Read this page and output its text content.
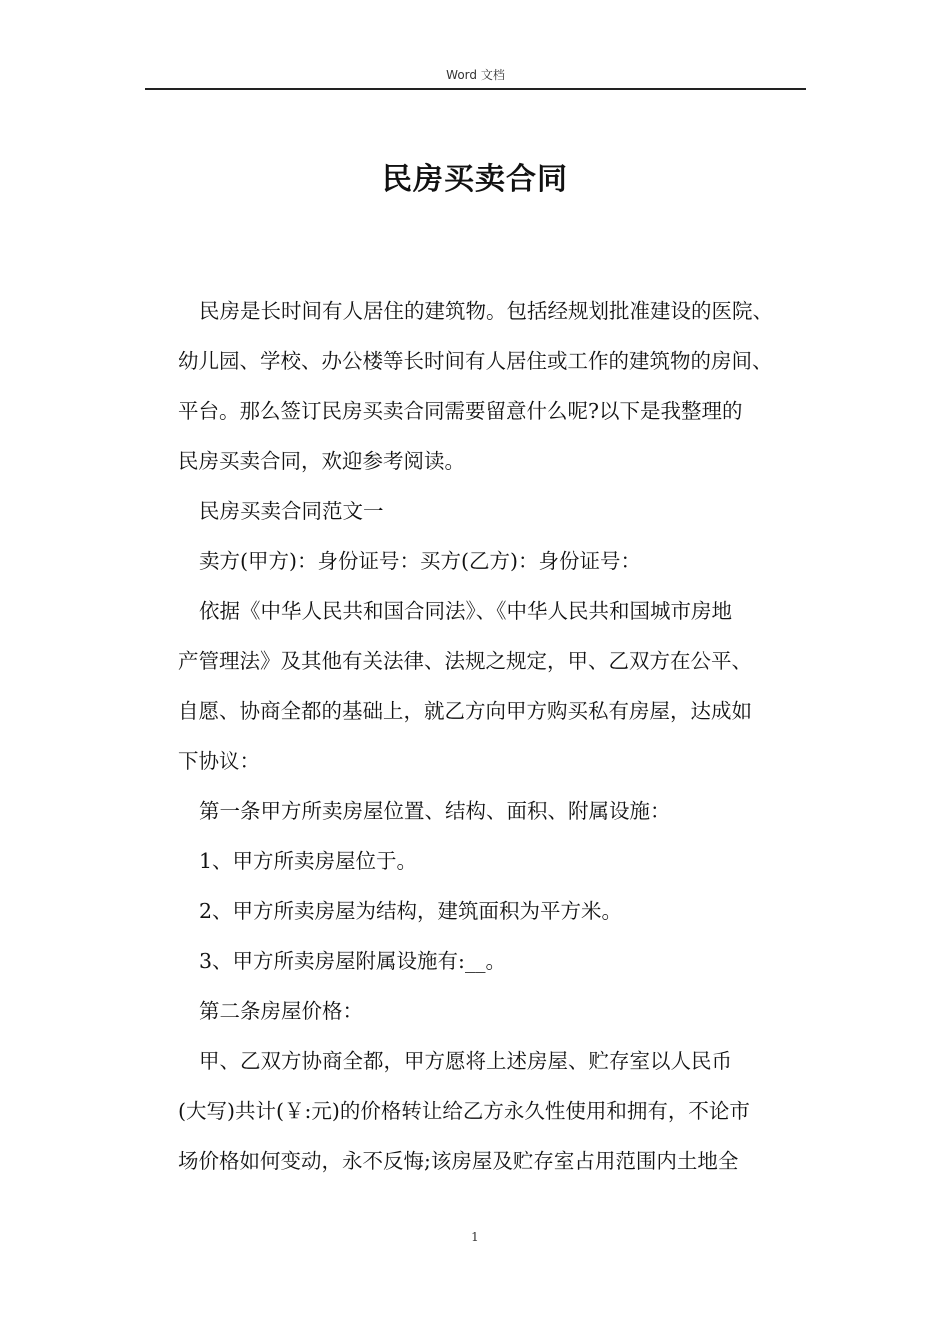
Word 文档
民房买卖合同

民房是长时间有人居住的建筑物。包括经规划批准建设的医院、

幼儿园、学校、办公楼等长时间有人居住或工作的建筑物的房间、

平台。那么签订民房买卖合同需要留意什么呢?以下是我整理的

民房买卖合同，欢迎参考阅读。

民房买卖合同范文一

卖方(甲方)：身份证号：买方(乙方)：身份证号：

依据《中华人民共和国合同法》、《中华人民共和国城市房地

产管理法》及其他有关法律、法规之规定，甲、乙双方在公平、

自愿、协商全都的基础上，就乙方向甲方购买私有房屋，达成如

下协议：

第一条甲方所卖房屋位置、结构、面积、附属设施：

1、甲方所卖房屋位于。

2、甲方所卖房屋为结构，建筑面积为平方米。

3、甲方所卖房屋附属设施有:__。

第二条房屋价格：

甲、乙双方协商全都，甲方愿将上述房屋、贮存室以人民币

(大写)共计(￥:元)的价格转让给乙方永久性使用和拥有，不论市

场价格如何变动，永不反悔;该房屋及贮存室占用范围内土地全

1
